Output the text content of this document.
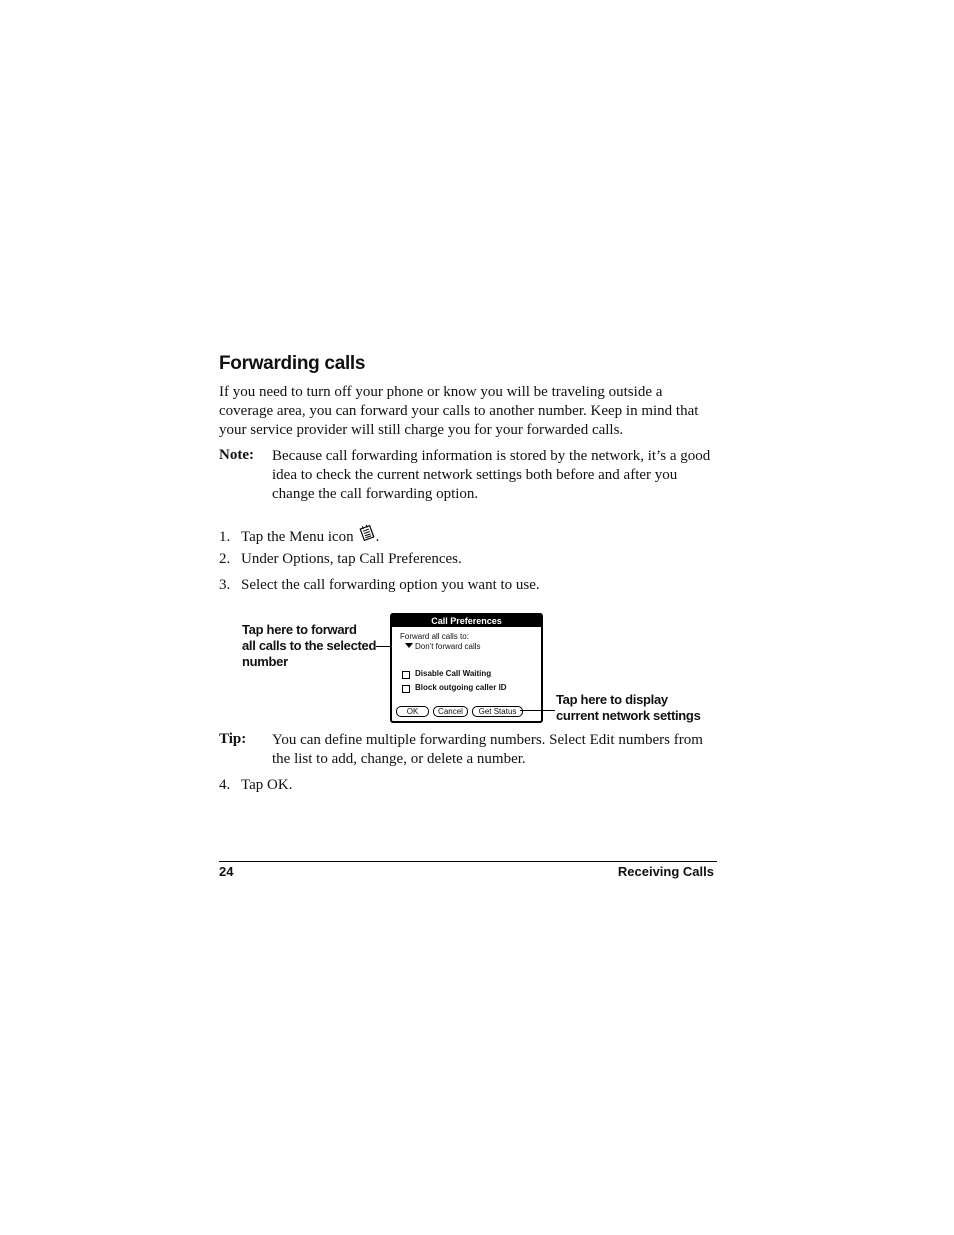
Forwarding calls
If you need to turn off your phone or know you will be traveling outside a coverage area, you can forward your calls to another number. Keep in mind that your service provider will still charge you for your forwarded calls.
Note: Because call forwarding information is stored by the network, it’s a good idea to check the current network settings both before and after you change the call forwarding option.
1. Tap the Menu icon .
2. Under Options, tap Call Preferences.
3. Select the call forwarding option you want to use.
Tap here to forward
all calls to the selected
number
Call Preferences
Forward all calls to:
Don't forward calls
Disable Call Waiting
Block outgoing caller ID
OK	Cancel	Get Status
Tap here to display
current network settings
Tip: You can define multiple forwarding numbers. Select Edit numbers from the list to add, change, or delete a number.
4. Tap OK.
24	Receiving Calls
